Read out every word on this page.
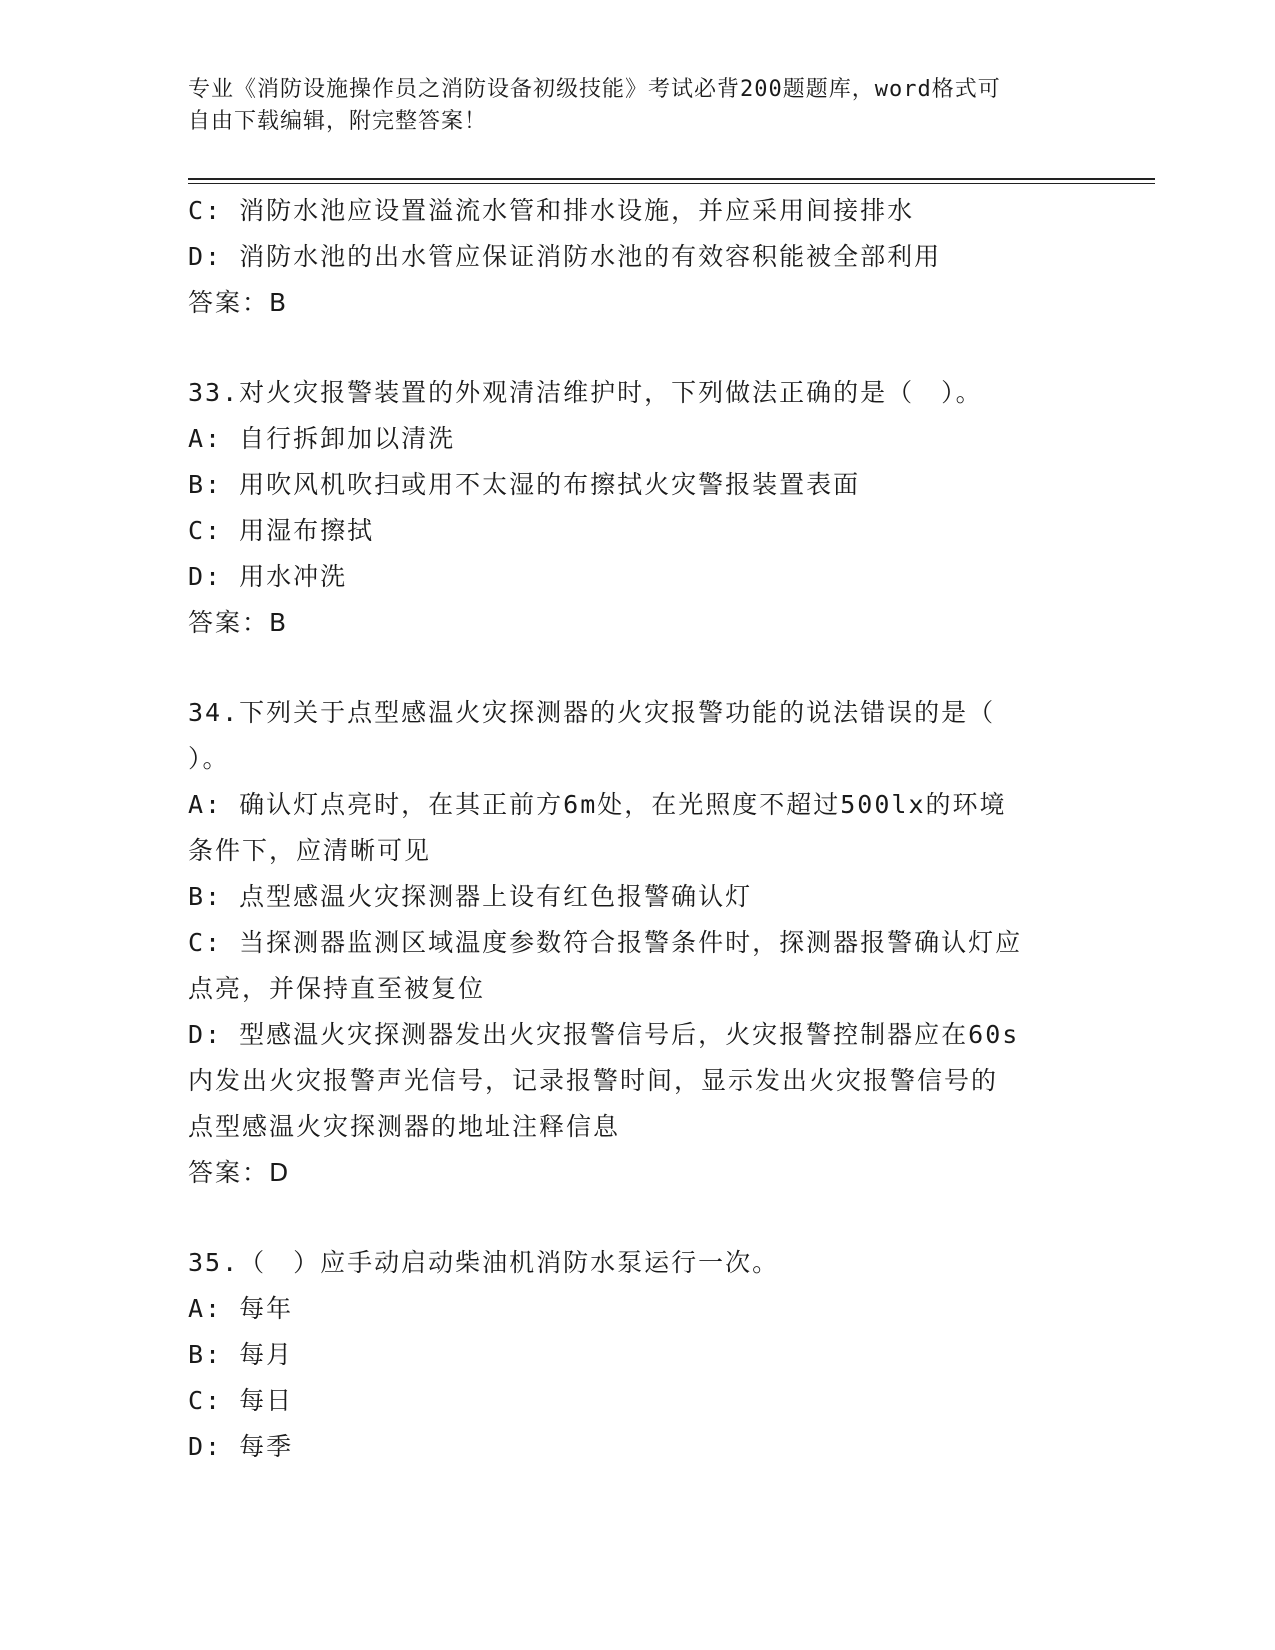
专业《消防设施操作员之消防设备初级技能》考试必背200题题库，word格式可
自由下载编辑，附完整答案！
C: 消防水池应设置溢流水管和排水设施，并应采用间接排水
D: 消防水池的出水管应保证消防水池的有效容积能被全部利用
答案：B
33.对火灾报警装置的外观清洁维护时，下列做法正确的是（　）。
A: 自行拆卸加以清洗
B: 用吹风机吹扫或用不太湿的布擦拭火灾警报装置表面
C: 用湿布擦拭
D: 用水冲洗
答案：B
34.下列关于点型感温火灾探测器的火灾报警功能的说法错误的是（
）。
A: 确认灯点亮时，在其正前方6m处，在光照度不超过500lx的环境
条件下，应清晰可见
B: 点型感温火灾探测器上设有红色报警确认灯
C: 当探测器监测区域温度参数符合报警条件时，探测器报警确认灯应
点亮，并保持直至被复位
D: 型感温火灾探测器发出火灾报警信号后，火灾报警控制器应在60s
内发出火灾报警声光信号，记录报警时间，显示发出火灾报警信号的
点型感温火灾探测器的地址注释信息
答案：D
35.（　）应手动启动柴油机消防水泵运行一次。
A: 每年
B: 每月
C: 每日
D: 每季
